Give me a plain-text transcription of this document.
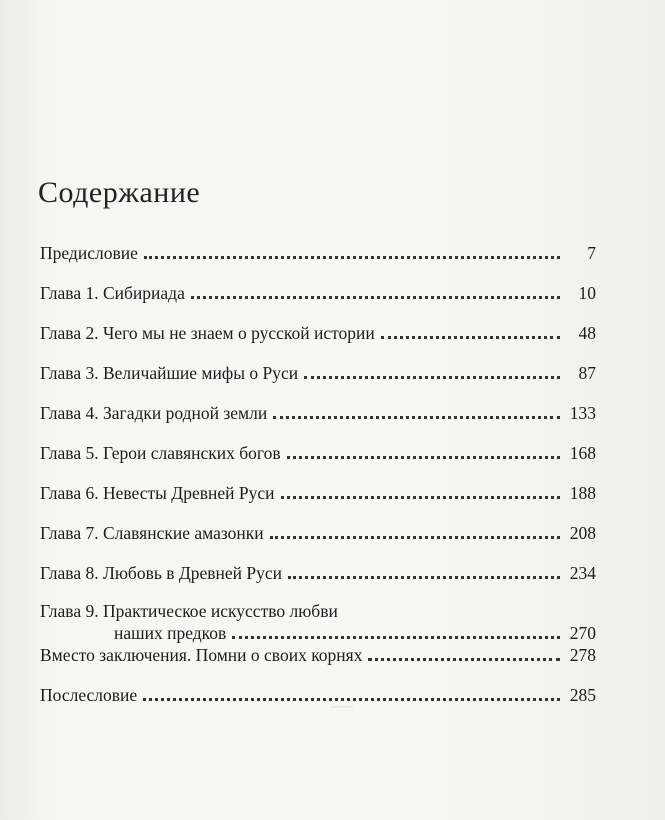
—
Содержание
Предисловие	7
Глава 1. Сибириада	10
Глава 2. Чего мы не знаем о русской истории	48
Глава 3. Величайшие мифы о Руси	87
Глава 4. Загадки родной земли	133
Глава 5. Герои славянских богов	168
Глава 6. Невесты Древней Руси	188
Глава 7. Славянские амазонки	208
Глава 8. Любовь в Древней Руси	234
Глава 9. Практическое искусство любви
наших предков	270
Вместо заключения. Помни о своих корнях	278
Послесловие	285
